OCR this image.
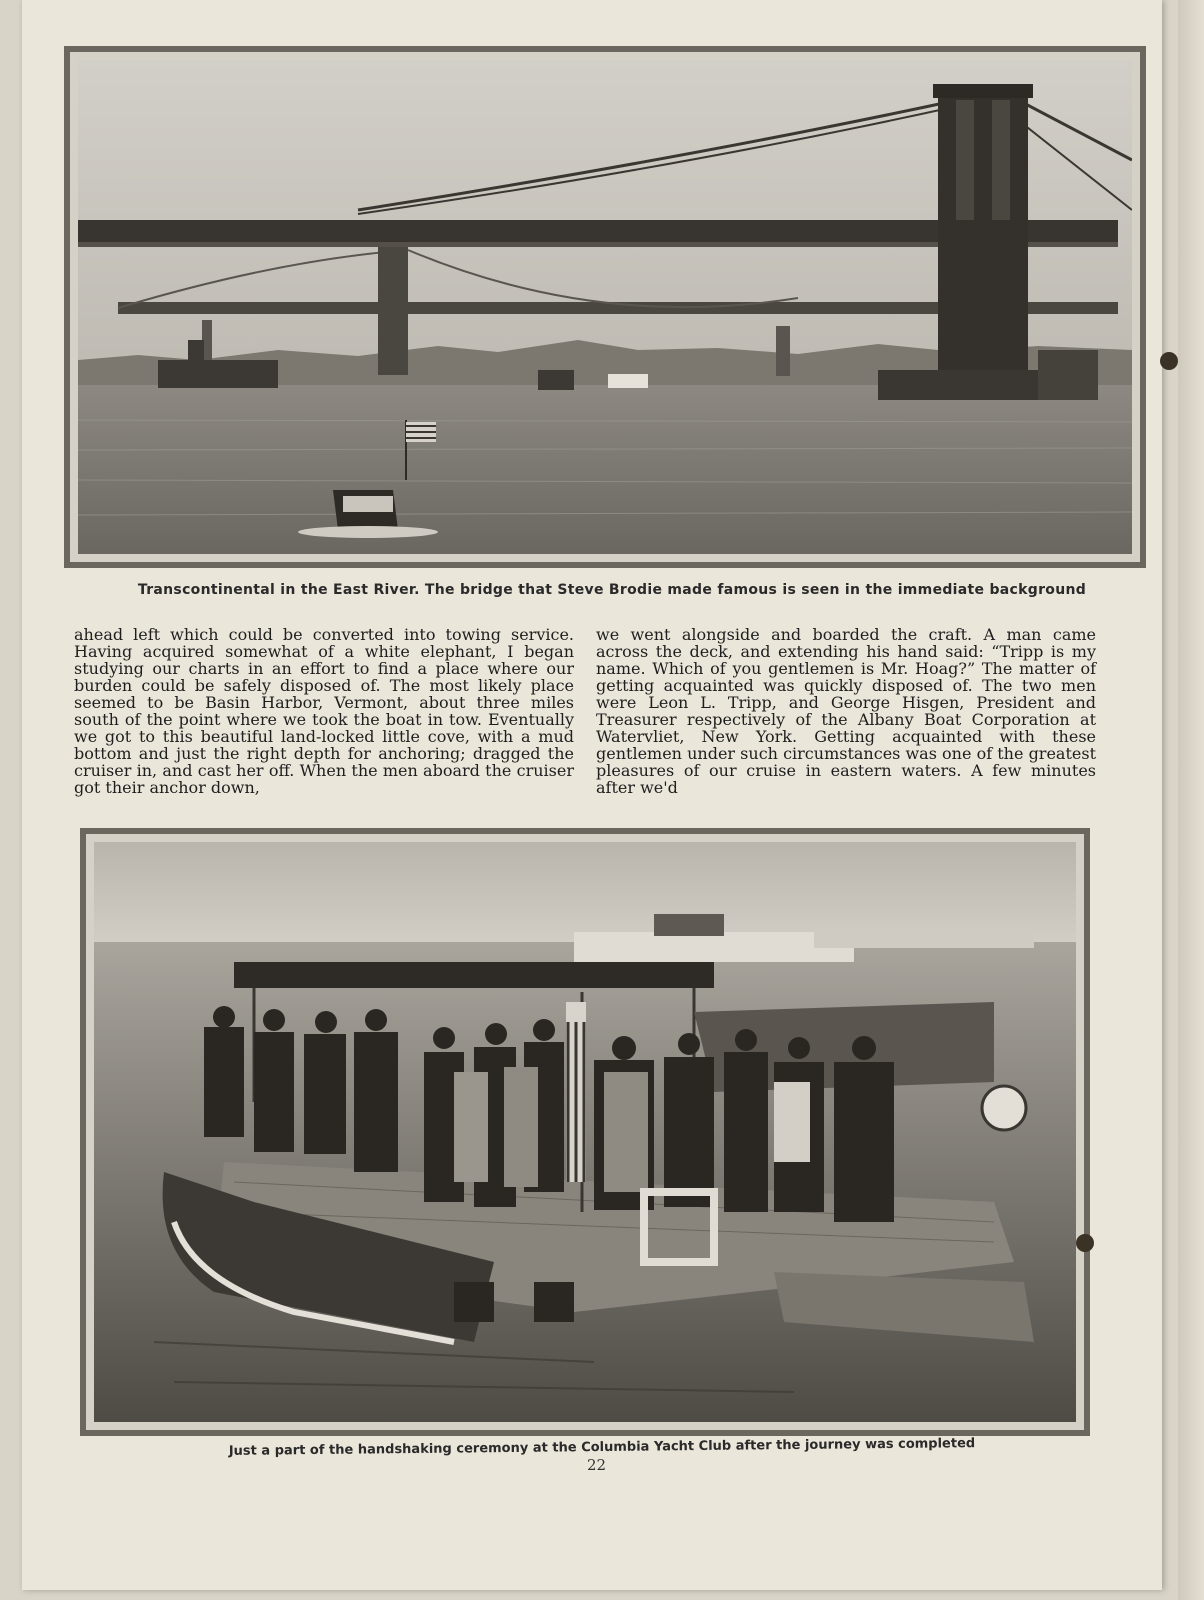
Transcontinental in the East River. The bridge that Steve Brodie made famous is seen in the immediate background

ahead left which could be converted into towing service. Having acquired somewhat of a white elephant, I began studying our charts in an effort to find a place where our burden could be safely disposed of. The most likely place seemed to be Basin Harbor, Vermont, about three miles south of the point where we took the boat in tow. Eventually we got to this beautiful land-locked little cove, with a mud bottom and just the right depth for anchoring; dragged the cruiser in, and cast her off. When the men aboard the cruiser got their anchor down,

we went alongside and boarded the craft. A man came across the deck, and extending his hand said: “Tripp is my name. Which of you gentlemen is Mr. Hoag?” The matter of getting acquainted was quickly disposed of. The two men were Leon L. Tripp, and George Hisgen, President and Treasurer respectively of the Albany Boat Corporation at Watervliet, New York. Getting acquainted with these gentlemen under such circumstances was one of the greatest pleasures of our cruise in eastern waters. A few minutes after we'd

Just a part of the handshaking ceremony at the Columbia Yacht Club after the journey was completed
22
